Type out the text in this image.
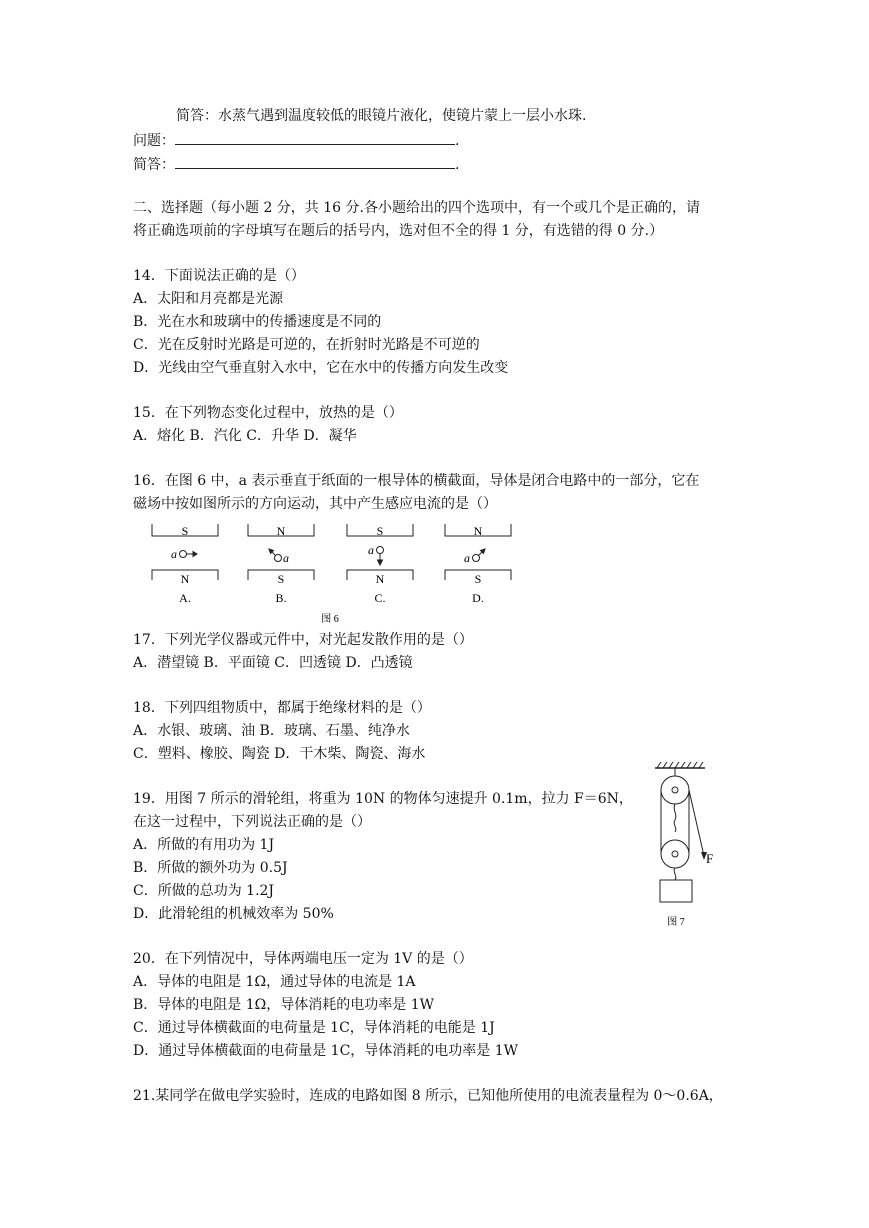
简答：水蒸气遇到温度较低的眼镜片液化，使镜片蒙上一层小水珠.
问题：	.
简答：	.
二、选择题（每小题 2 分，共 16 分.各小题给出的四个选项中，有一个或几个是正确的，请
将正确选项前的字母填写在题后的括号内，选对但不全的得 1 分，有选错的得 0 分.）
14．下面说法正确的是（）
A．太阳和月亮都是光源
B．光在水和玻璃中的传播速度是不同的
C．光在反射时光路是可逆的，在折射时光路是不可逆的
D．光线由空气垂直射入水中，它在水中的传播方向发生改变
15．在下列物态变化过程中，放热的是（）
A．熔化 B．汽化 C．升华 D．凝华
16．在图 6 中，a 表示垂直于纸面的一根导体的横截面，导体是闭合电路中的一部分，它在
磁场中按如图所示的方向运动，其中产生感应电流的是（）
S
N
N
S
S
N
N
S
a	a
a
a
A.	B.	C.	D.
图 6
17．下列光学仪器或元件中，对光起发散作用的是（）
A．潜望镜 B．平面镜 C．凹透镜 D．凸透镜
18．下列四组物质中，都属于绝缘材料的是（）
A．水银、玻璃、油 B．玻璃、石墨、纯净水
C．塑料、橡胶、陶瓷 D．干木柴、陶瓷、海水
19．用图 7 所示的滑轮组，将重为 10N 的物体匀速提升 0.1m，拉力 F＝6N，
在这一过程中，下列说法正确的是（）
A．所做的有用功为 1J
B．所做的额外功为 0.5J
C．所做的总功为 1.2J
D．此滑轮组的机械效率为 50%
F
图 7
20．在下列情况中，导体两端电压一定为 1V 的是（）
A．导体的电阻是 1Ω，通过导体的电流是 1A
B．导体的电阻是 1Ω，导体消耗的电功率是 1W
C．通过导体横截面的电荷量是 1C，导体消耗的电能是 1J
D．通过导体横截面的电荷量是 1C，导体消耗的电功率是 1W
21.某同学在做电学实验时，连成的电路如图 8 所示，已知他所使用的电流表量程为 0～0.6A，
